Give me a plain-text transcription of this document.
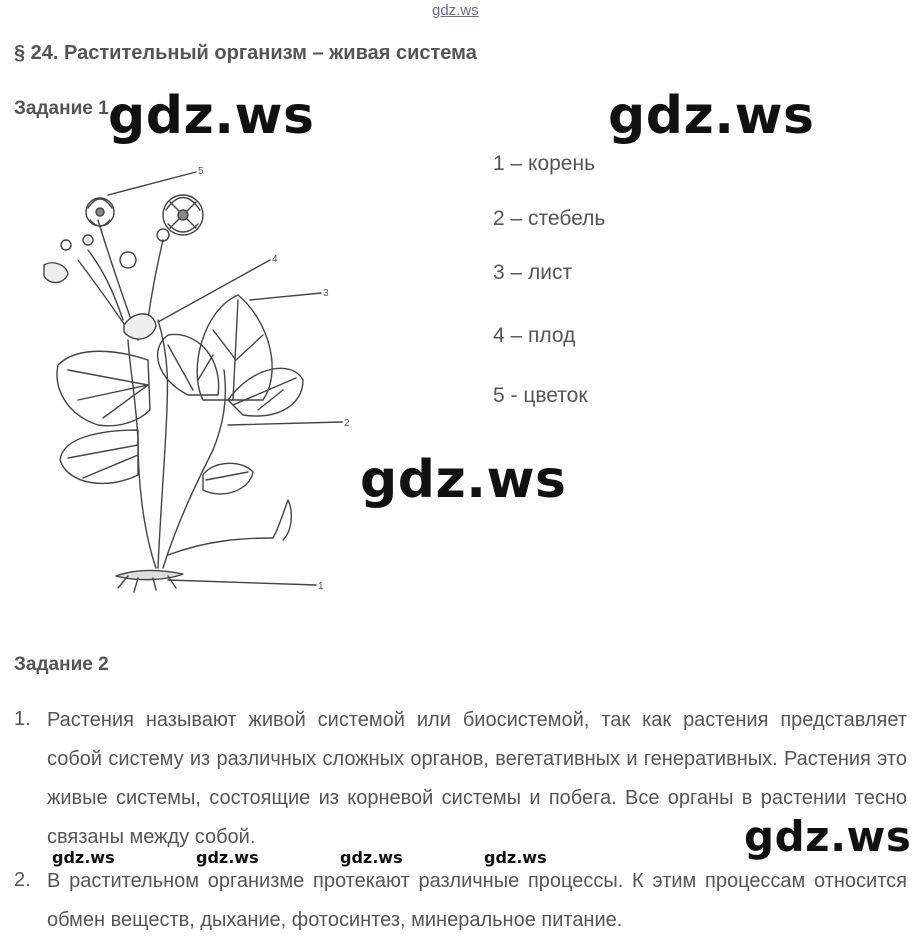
gdz.ws
§ 24. Растительный организм – живая система
Задание 1 gdz.ws	gdz.ws
gdz.ws
gdz.ws
5
4
3
2
1
1 – корень
2 – стебель
3 – лист
4 – плод
5 - цветок
Задание 2
1. Растения называют живой системой или биосистемой, так как растения представляет собой систему из различных сложных органов, вегетативных и генеративных. Растения это живые системы, состоящие из корневой системы и побега. Все органы в растении тесно связаны между собой.
2. В растительном организме протекают различные процессы. К этим процессам относится обмен веществ, дыхание, фотосинтез, минеральное питание.
gdz.ws	gdz.ws	gdz.ws	gdz.ws
